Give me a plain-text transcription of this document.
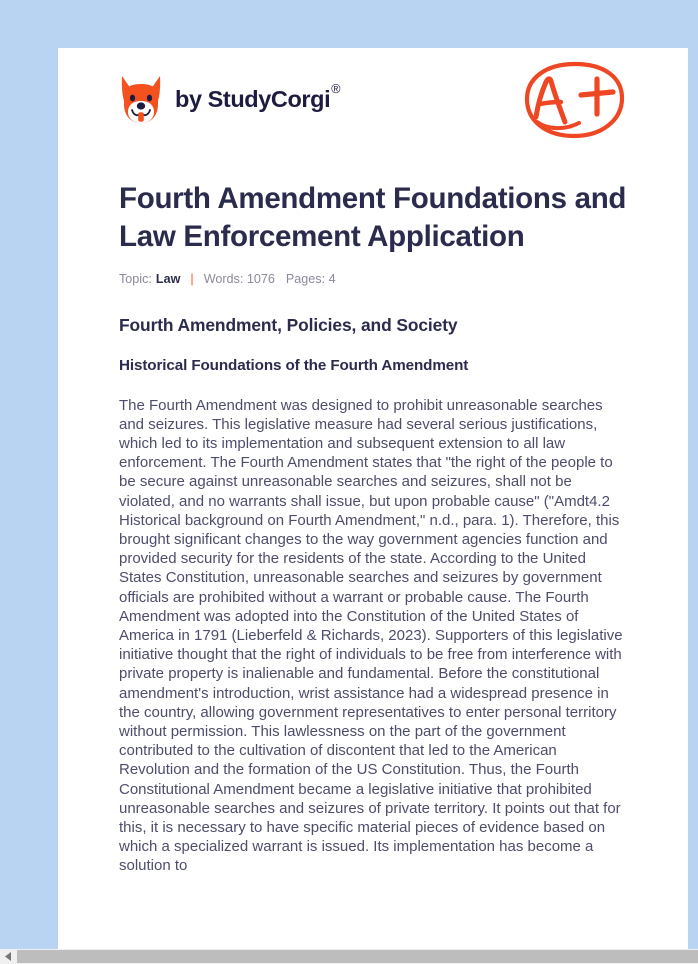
by StudyCorgi ®
Fourth Amendment Foundations and Law Enforcement Application
Topic: Law | Words: 1076 Pages: 4
Fourth Amendment, Policies, and Society
Historical Foundations of the Fourth Amendment

The Fourth Amendment was designed to prohibit unreasonable searches and seizures. This legislative measure had several serious justifications, which led to its implementation and subsequent extension to all law enforcement. The Fourth Amendment states that "the right of the people to be secure against unreasonable searches and seizures, shall not be violated, and no warrants shall issue, but upon probable cause" ("Amdt4.2 Historical background on Fourth Amendment," n.d., para. 1). Therefore, this brought significant changes to the way government agencies function and provided security for the residents of the state. According to the United States Constitution, unreasonable searches and seizures by government officials are prohibited without a warrant or probable cause. The Fourth Amendment was adopted into the Constitution of the United States of America in 1791 (Lieberfeld & Richards, 2023). Supporters of this legislative initiative thought that the right of individuals to be free from interference with private property is inalienable and fundamental. Before the constitutional amendment's introduction, wrist assistance had a widespread presence in the country, allowing government representatives to enter personal territory without permission. This lawlessness on the part of the government contributed to the cultivation of discontent that led to the American Revolution and the formation of the US Constitution. Thus, the Fourth Constitutional Amendment became a legislative initiative that prohibited unreasonable searches and seizures of private territory. It points out that for this, it is necessary to have specific material pieces of evidence based on which a specialized warrant is issued. Its implementation has become a solution to
